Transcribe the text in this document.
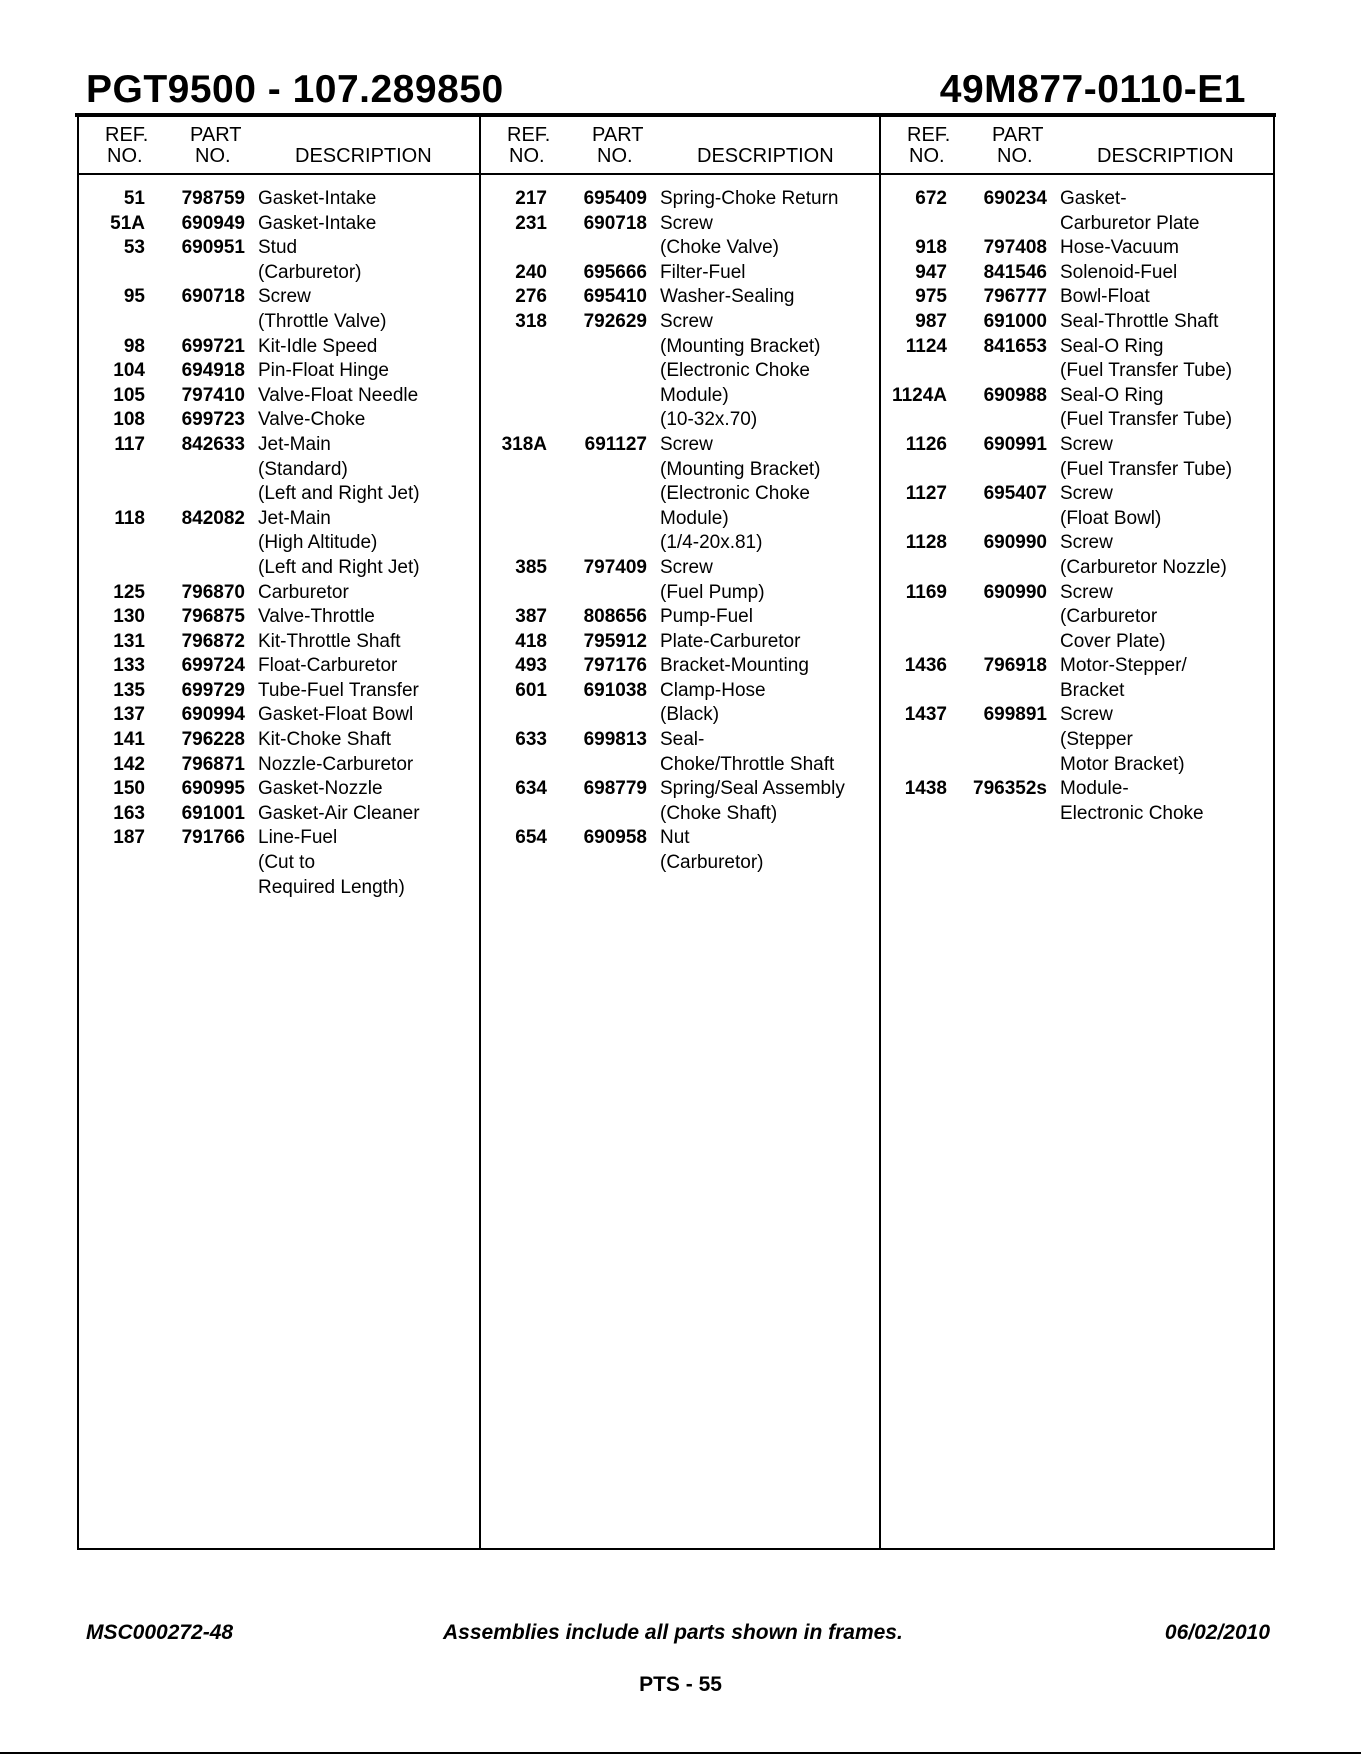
PGT9500 - 107.289850	49M877-0110-E1
REF.
NO.
PART
NO.	DESCRIPTION
51	798759 Gasket-Intake
51A	690949 Gasket-Intake
53	690951 Stud
(Carburetor)
95	690718 Screw
(Throttle Valve)
98	699721 Kit-Idle Speed
104	694918 Pin-Float Hinge
105	797410 Valve-Float Needle
108	699723 Valve-Choke
117	842633 Jet-Main
(Standard)
(Left and Right Jet)
118	842082 Jet-Main
(High Altitude)
(Left and Right Jet)
125	796870 Carburetor
130	796875 Valve-Throttle
131	796872 Kit-Throttle Shaft
133	699724 Float-Carburetor
135	699729 Tube-Fuel Transfer
137	690994 Gasket-Float Bowl
141	796228 Kit-Choke Shaft
142	796871 Nozzle-Carburetor
150	690995 Gasket-Nozzle
163	691001 Gasket-Air Cleaner
187	791766 Line-Fuel
(Cut to
Required Length)
REF.
NO.
PART
NO.	DESCRIPTION
217	695409 Spring-Choke Return
231	690718 Screw
(Choke Valve)
240	695666 Filter-Fuel
276	695410 Washer-Sealing
318	792629 Screw
(Mounting Bracket)
(Electronic Choke
Module)
(10-32x.70)
318A	691127 Screw
(Mounting Bracket)
(Electronic Choke
Module)
(1/4-20x.81)
385	797409 Screw
(Fuel Pump)
387	808656 Pump-Fuel
418	795912 Plate-Carburetor
493	797176 Bracket-Mounting
601	691038 Clamp-Hose
(Black)
633	699813 Seal-
Choke/Throttle Shaft
634	698779 Spring/Seal Assembly
(Choke Shaft)
654	690958 Nut
(Carburetor)
REF.
NO.
PART
NO.	DESCRIPTION
672	690234 Gasket-
Carburetor Plate
918	797408 Hose-Vacuum
947	841546 Solenoid-Fuel
975	796777 Bowl-Float
987	691000 Seal-Throttle Shaft
1124	841653 Seal-O Ring
(Fuel Transfer Tube)
1124A	690988 Seal-O Ring
(Fuel Transfer Tube)
1126	690991 Screw
(Fuel Transfer Tube)
1127	695407 Screw
(Float Bowl)
1128	690990 Screw
(Carburetor Nozzle)
1169	690990 Screw
(Carburetor
Cover Plate)
1436	796918 Motor-Stepper/
Bracket
1437	699891 Screw
(Stepper
Motor Bracket)
1438	796352s Module-
Electronic Choke
MSC000272-48	Assemblies include all parts shown in frames.	06/02/2010
PTS - 55
